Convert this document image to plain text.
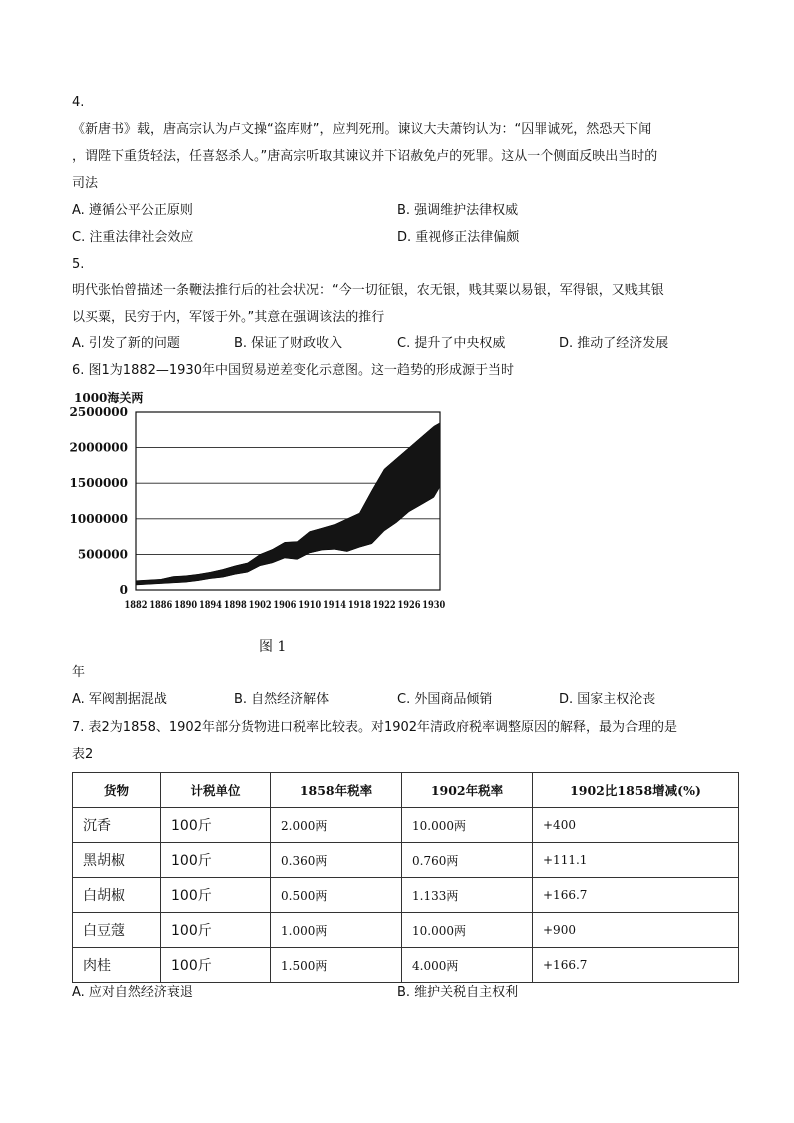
4.
《新唐书》载，唐高宗认为卢文操“盗库财”，应判死刑。谏议大夫萧钧认为：“囚罪诚死，然恐天下闻
，谓陛下重货轻法，任喜怒杀人。”唐高宗听取其谏议并下诏赦免卢的死罪。这从一个侧面反映出当时的
司法
A. 遵循公平公正原则	B. 强调维护法律权威
C. 注重法律社会效应	D. 重视修正法律偏颇
5.
明代张怡曾描述一条鞭法推行后的社会状况：“今一切征银，农无银，贱其粟以易银，军得银，又贱其银
以买粟，民穷于内，军馁于外。”其意在强调该法的推行
A. 引发了新的问题	B. 保证了财政收入	C. 提升了中央权威	D. 推动了经济发展
6. 图1为1882—1930年中国贸易逆差变化示意图。这一趋势的形成源于当时
1000海关两
2500000
2000000
1500000
1000000
500000
0
1882 1886 1890 1894 1898 1902 1906 1910 1914 1918 1922 1926 1930
图 1
年
A. 军阀割据混战	B. 自然经济解体	C. 外国商品倾销	D. 国家主权沦丧
7. 表2为1858、1902年部分货物进口税率比较表。对1902年清政府税率调整原因的解释，最为合理的是
表2
货物	计税单位	1858年税率	1902年税率	1902比1858增减(%)
沉香	100斤	2.000两	10.000两	+400
黑胡椒	100斤	0.360两	0.760两	+111.1
白胡椒	100斤	0.500两	1.133两	+166.7
白豆蔻	100斤	1.000两	10.000两	+900
肉桂	100斤	1.500两	4.000两	+166.7
A. 应对自然经济衰退	B. 维护关税自主权利
